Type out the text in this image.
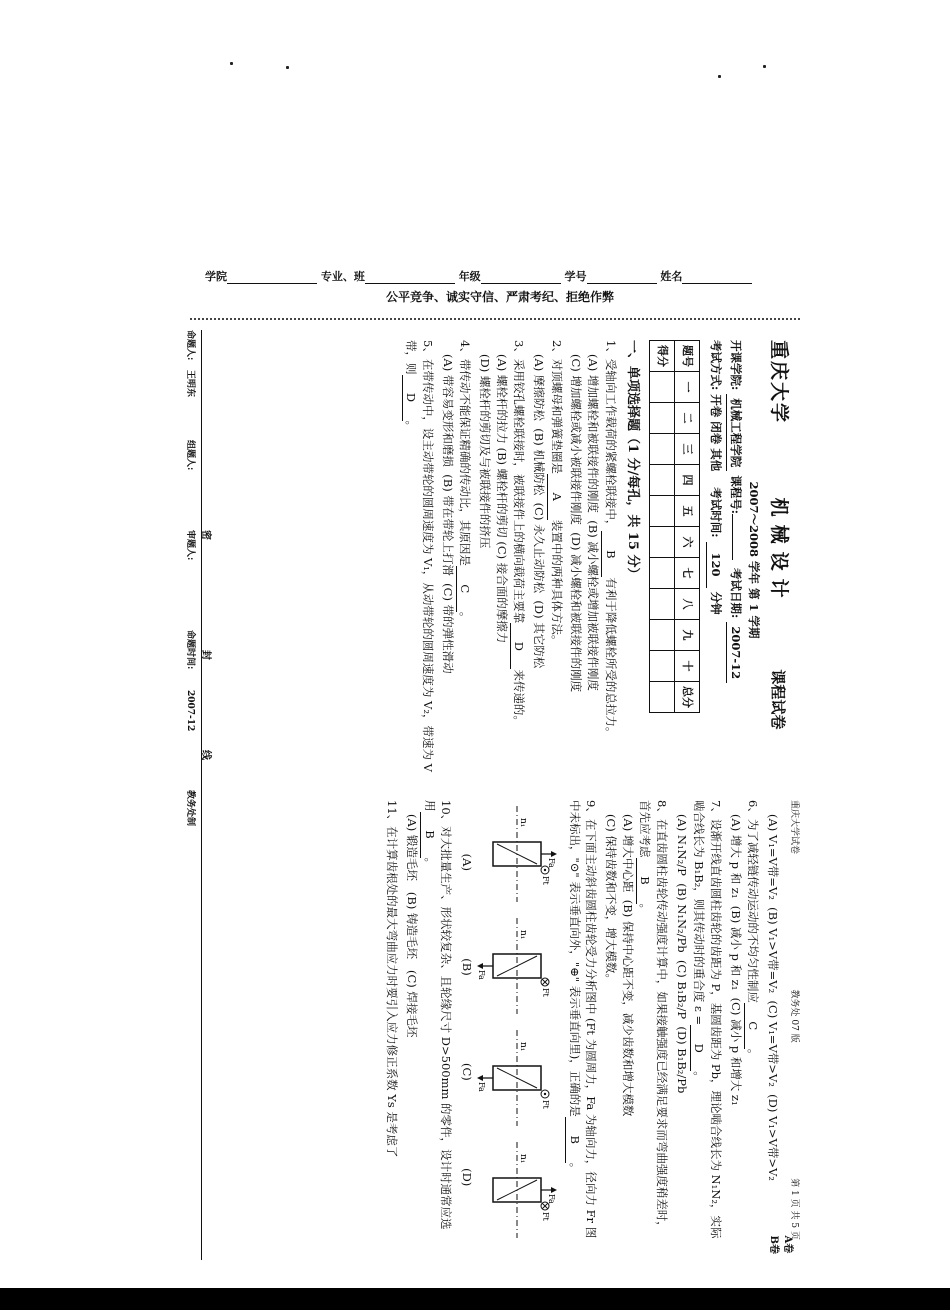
学院	专业、班	年级	学号	姓名
公平竞争、诚实守信、严肃考纪、拒绝作弊
重庆大学 机械设计 课程试卷
2007～2008 学年 第 1 学期
开课学院: 机械工程学院 课程号:  考试日期: 2007-12
考试方式: 开卷 闭卷 其他    考试时间: 120 分钟
题号	一	二	三	四	五	六	七	八	九	十	总分
得分											
一、单项选择题（1 分/每孔，共 15 分）
1、受轴向工作载荷的紧螺栓联接中，B有利于降低螺栓所受的总拉力。
(A) 增加螺栓和被联接件的刚度  (B) 减小螺栓或增加被联接件刚度
(C) 增加螺栓或减小被联接件刚度  (D) 减小螺栓和被联接件的刚度
2、对顶螺母和弹簧垫圈是A装置中的两种具体方法。
(A) 摩擦防松  (B) 机械防松  (C) 永久止动防松  (D) 其它防松
3、采用铰孔螺栓联接时，被联接件上的横向载荷主要靠D来传递的。
(A) 螺栓杆的拉力 (B) 螺栓杆的剪切 (C) 接合面的摩擦力
(D) 螺栓杆的剪切及与被联接件的挤压
4、带传动不能保证精确的传动比，其原因是C。
(A) 带容易变形和磨损  (B) 带在带轮上打滑  (C) 带的弹性滑动
5、在带传动中，设主动带轮的圆周速度为 V₁，从动带轮的圆周速度为 V₂，带速为 V带，则D。
A卷
B卷
重庆大学试卷
教务处 07 版
第 1 页 共 5 页
(A) V₁=V带=V₂  (B) V₁>V带=V₂  (C) V₁=V带>V₂  (D) V₁>V带>V₂
6、为了减轻链传动运动的不均匀性制应C。
(A) 增大 p 和 z₁  (B) 减小 p 和 z₁  (C) 减小 p 和增大 z₁
7、设渐开线直齿圆柱齿轮的齿距为 P，基圆齿距为 Pb，理论啮合线长为 N₁N₂，实际啮合线长为 B₁B₂，则其传动时的重合度 ε =D。
(A) N₁N₂/P  (B) N₁N₂/Pb  (C) B₁B₂/P  (D) B₁B₂/Pb
8、在直齿圆柱齿轮传动强度计算中，如果接触强度已经满足要求而弯曲强度稍差时，首先应考虑B。
(A) 增大中心距  (B) 保持中心距不变，减少齿数和增大模数
(C) 保持齿数和不变，增大模数。
9、在下面主动斜齿圆柱齿轮受力分析图中 (Ft 为圆周力，Fa 为轴向力，径向力 Fr 图中未标出，"⊙" 表示垂直向外，"⊕" 表示垂直向里)，正确的是B。
n₁
Fa
Ft
n₁
Fa
Ft
n₁
Fa
Ft
n₁
Fa
Ft
(A)
(B)
(C)
(D)
10、对大批量生产、形状较复杂、且轮缘尺寸 D>500mm 的零件，设计时通常应选用B。
(A) 锻造毛坯   (B) 铸造毛坯   (C) 焊接毛坯
11、在计算齿根处的最大弯曲应力时要引入应力修正系数 Ys 是考虑了
密
封
线
命题人:
王明东
组题人:
审题人:
命题时间:
2007-12
教务处制
